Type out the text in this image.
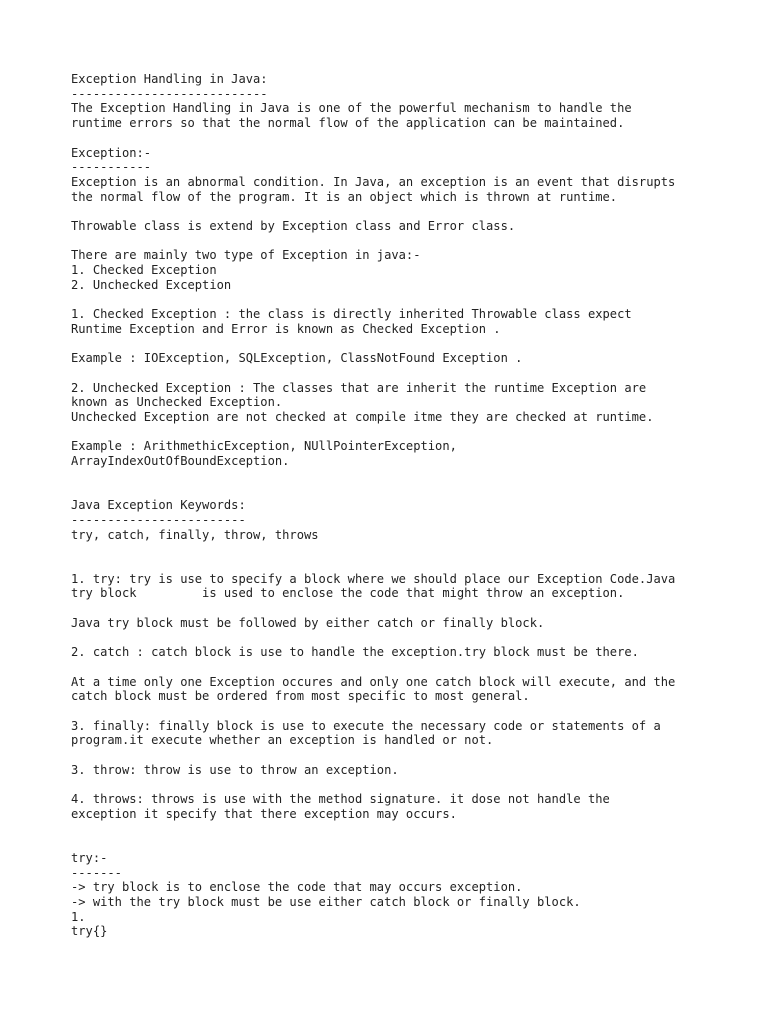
Exception Handling in Java:
---------------------------
The Exception Handling in Java is one of the powerful mechanism to handle the
runtime errors so that the normal flow of the application can be maintained.
Exception:-
-----------
Exception is an abnormal condition. In Java, an exception is an event that disrupts
the normal flow of the program. It is an object which is thrown at runtime.
Throwable class is extend by Exception class and Error class.
There are mainly two type of Exception in java:-
1. Checked Exception
2. Unchecked Exception
1. Checked Exception : the class is directly inherited Throwable class expect
Runtime Exception and Error is known as Checked Exception .
Example : IOException, SQLException, ClassNotFound Exception .
2. Unchecked Exception : The classes that are inherit the runtime Exception are
known as Unchecked Exception.
Unchecked Exception are not checked at compile itme they are checked at runtime.
Example : ArithmethicException, NUllPointerException,
ArrayIndexOutOfBoundException.
Java Exception Keywords:
------------------------
try, catch, finally, throw, throws
1. try: try is use to specify a block where we should place our Exception Code.Java
try block         is used to enclose the code that might throw an exception.
Java try block must be followed by either catch or finally block.
2. catch : catch block is use to handle the exception.try block must be there.
At a time only one Exception occures and only one catch block will execute, and the
catch block must be ordered from most specific to most general.
3. finally: finally block is use to execute the necessary code or statements of a
program.it execute whether an exception is handled or not.
3. throw: throw is use to throw an exception.
4. throws: throws is use with the method signature. it dose not handle the
exception it specify that there exception may occurs.
try:-
-------
-> try block is to enclose the code that may occurs exception.
-> with the try block must be use either catch block or finally block.
1.
try{}
